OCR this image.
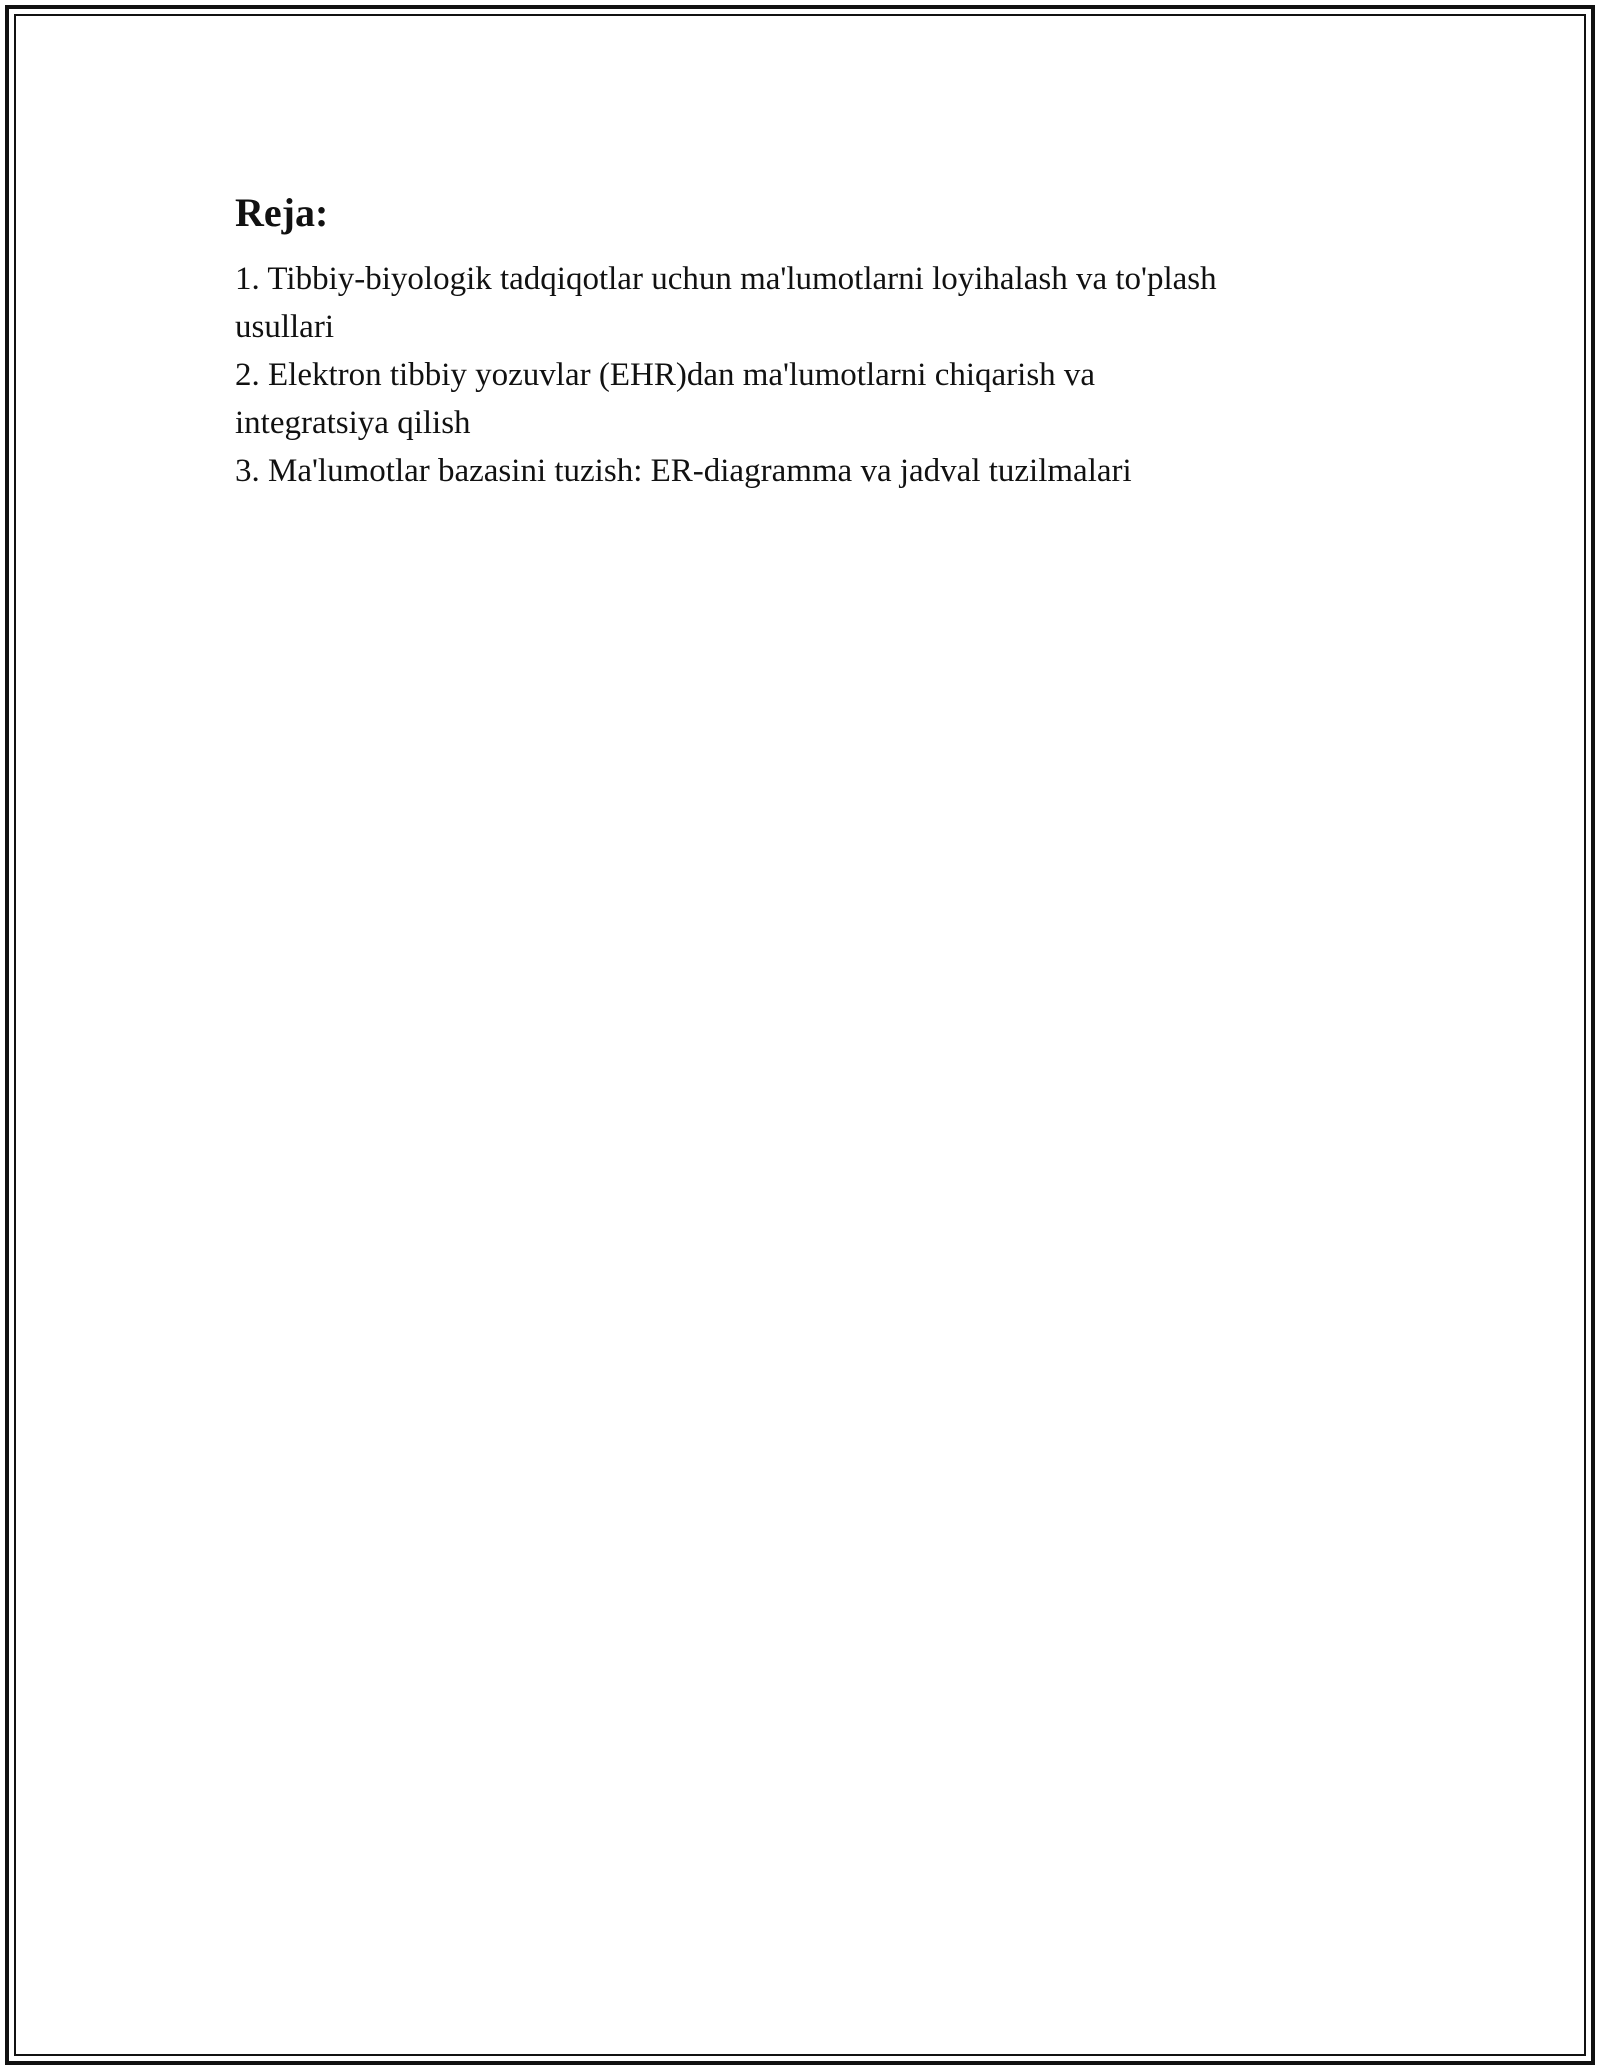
Reja:
1. Tibbiy-biyologik tadqiqotlar uchun ma'lumotlarni loyihalash va to'plash
usullari
2. Elektron tibbiy yozuvlar (EHR)dan ma'lumotlarni chiqarish va
integratsiya qilish
3. Ma'lumotlar bazasini tuzish: ER-diagramma va jadval tuzilmalari
